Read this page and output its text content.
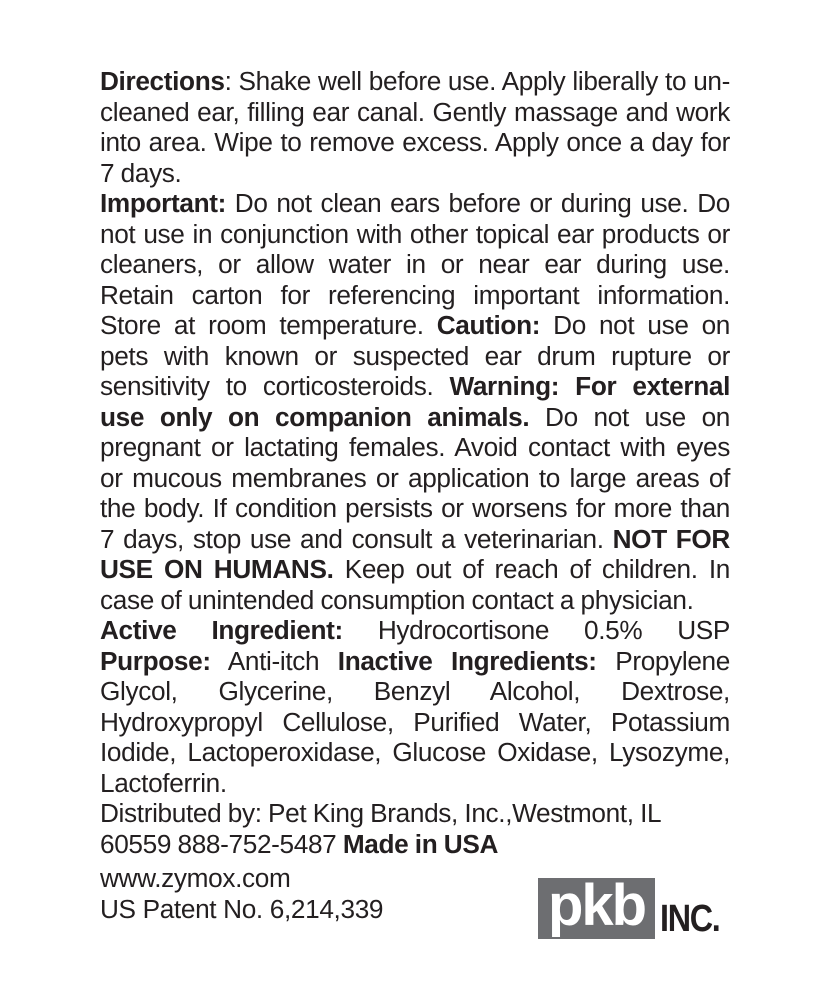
Directions: Shake well before use. Apply liberally to un-cleaned ear, filling ear canal. Gently massage and work into area. Wipe to remove excess. Apply once a day for 7 days.

Important: Do not clean ears before or during use. Do not use in conjunction with other topical ear products or cleaners, or allow water in or near ear during use. Retain carton for referencing important information. Store at room temperature. Caution: Do not use on pets with known or suspected ear drum rupture or sensitivity to corticosteroids. Warning: For external use only on companion animals. Do not use on pregnant or lactating females. Avoid contact with eyes or mucous membranes or application to large areas of the body. If condition persists or worsens for more than 7 days, stop use and consult a veterinarian. NOT FOR USE ON HUMANS. Keep out of reach of children. In case of unintended consumption contact a physician.

Active Ingredient: Hydrocortisone 0.5% USP Purpose: Anti-itch Inactive Ingredients: Propylene Glycol, Glycerine, Benzyl Alcohol, Dextrose, Hydroxypropyl Cellulose, Purified Water, Potassium Iodide, Lactoperoxidase, Glucose Oxidase, Lysozyme, Lactoferrin.

Distributed by: Pet King Brands, Inc.,Westmont, IL 60559 888-752-5487 Made in USA

www.zymox.com
US Patent No. 6,214,339	pkb INC.
